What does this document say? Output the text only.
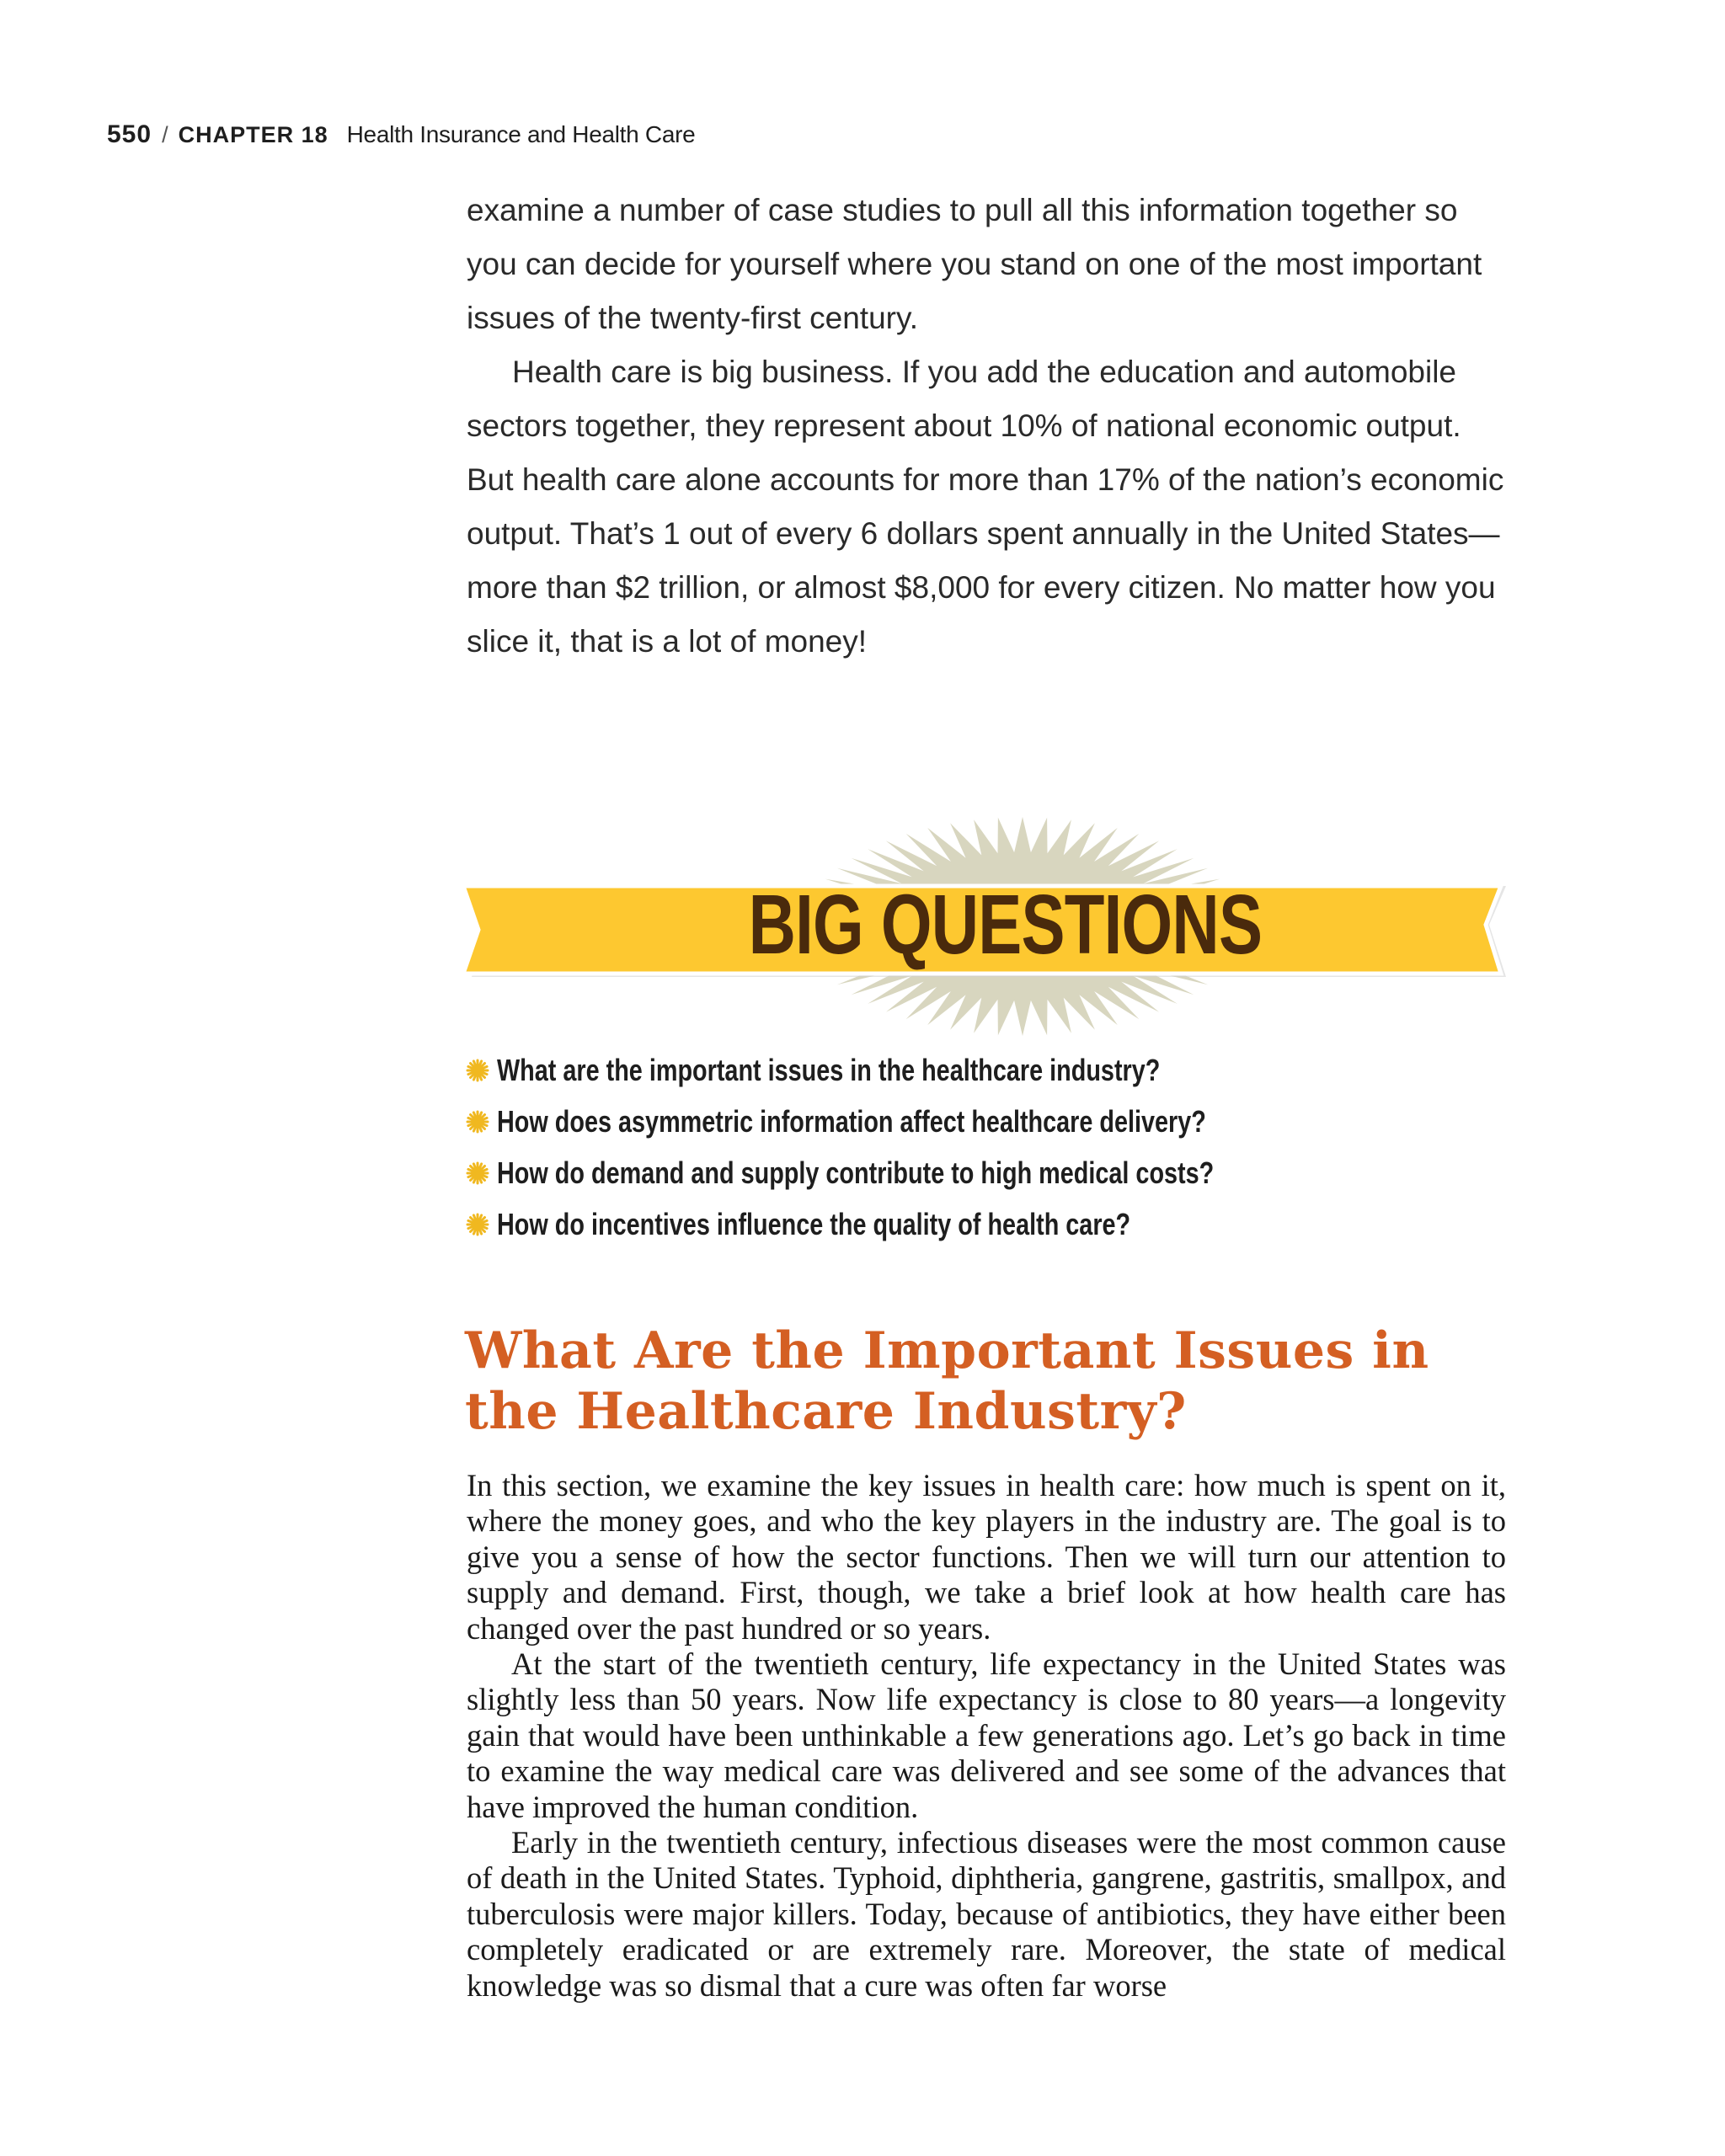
550 / CHAPTER 18 Health Insurance and Health Care

examine a number of case studies to pull all this information together so you can decide for yourself where you stand on one of the most important issues of the twenty-first century.

Health care is big business. If you add the education and automobile sectors together, they represent about 10% of national economic output. But health care alone accounts for more than 17% of the nation’s economic output. That’s 1 out of every 6 dollars spent annually in the United States—more than $2 trillion, or almost $8,000 for every citizen. No matter how you slice it, that is a lot of money!

BIG QUESTIONS
What are the important issues in the healthcare industry?
How does asymmetric information affect healthcare delivery?
How do demand and supply contribute to high medical costs?
How do incentives influence the quality of health care?
What Are the Important Issues in
the Healthcare Industry?

In this section, we examine the key issues in health care: how much is spent on it, where the money goes, and who the key players in the industry are. The goal is to give you a sense of how the sector functions. Then we will turn our attention to supply and demand. First, though, we take a brief look at how health care has changed over the past hundred or so years.

At the start of the twentieth century, life expectancy in the United States was slightly less than 50 years. Now life expectancy is close to 80 years—a longevity gain that would have been unthinkable a few generations ago. Let’s go back in time to examine the way medical care was delivered and see some of the advances that have improved the human condition.

Early in the twentieth century, infectious diseases were the most common cause of death in the United States. Typhoid, diphtheria, gangrene, gastritis, smallpox, and tuberculosis were major killers. Today, because of antibiotics, they have either been completely eradicated or are extremely rare. Moreover, the state of medical knowledge was so dismal that a cure was often far worse
